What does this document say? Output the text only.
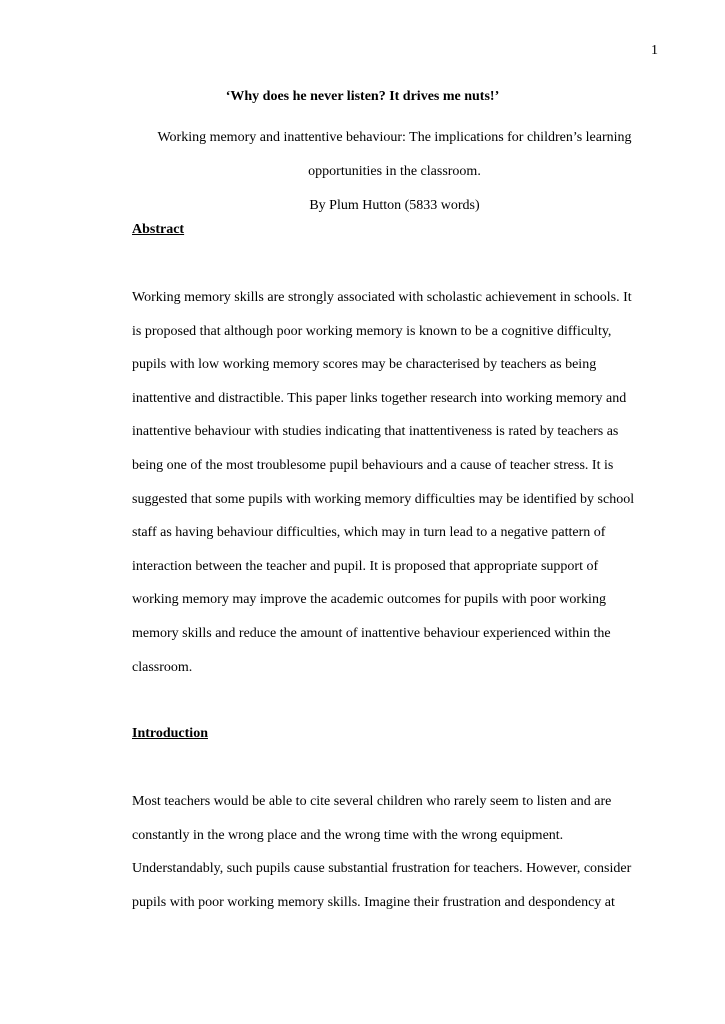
1
‘Why does he never listen? It drives me nuts!’
Working memory and inattentive behaviour: The implications for children’s learning
opportunities in the classroom.
By Plum Hutton (5833 words)
Abstract

Working memory skills are strongly associated with scholastic achievement in schools. It
is proposed that although poor working memory is known to be a cognitive difficulty,
pupils with low working memory scores may be characterised by teachers as being
inattentive and distractible. This paper links together research into working memory and
inattentive behaviour with studies indicating that inattentiveness is rated by teachers as
being one of the most troublesome pupil behaviours and a cause of teacher stress. It is
suggested that some pupils with working memory difficulties may be identified by school
staff as having behaviour difficulties, which may in turn lead to a negative pattern of
interaction between the teacher and pupil. It is proposed that appropriate support of
working memory may improve the academic outcomes for pupils with poor working
memory skills and reduce the amount of inattentive behaviour experienced within the
classroom.

Introduction

Most teachers would be able to cite several children who rarely seem to listen and are
constantly in the wrong place and the wrong time with the wrong equipment.
Understandably, such pupils cause substantial frustration for teachers. However, consider
pupils with poor working memory skills. Imagine their frustration and despondency at
